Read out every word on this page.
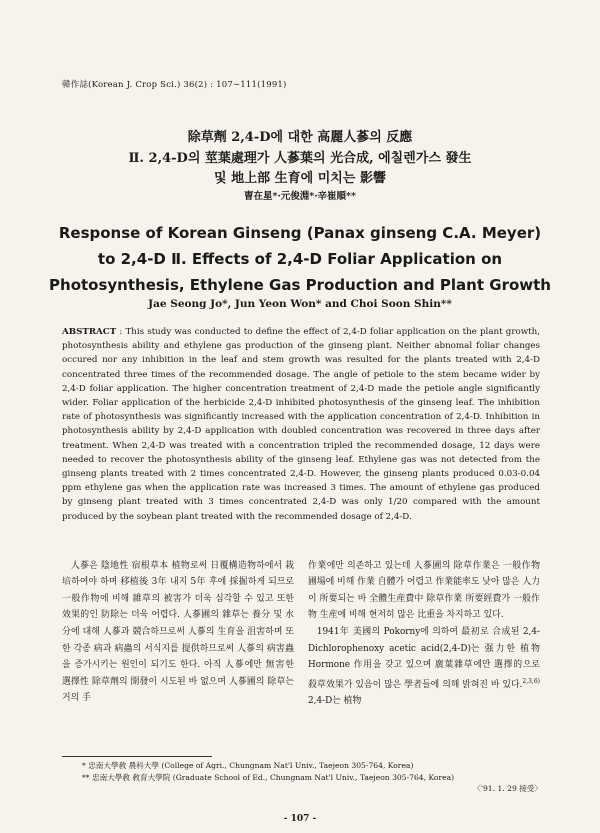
韓作誌(Korean J. Crop Sci.) 36(2) : 107∼111(1991)
除草劑 2,4-D에 대한 高麗人蔘의 反應
Ⅱ. 2,4-D의 莖葉處理가 人蔘葉의 光合成, 에칠렌가스 發生
및 地上部 生育에 미치는 影響
曺在星*·元俊淵*·辛崔順**
Response of Korean Ginseng (Panax ginseng C.A. Meyer)
to 2,4-D Ⅱ. Effects of 2,4-D Foliar Application on
Photosynthesis, Ethylene Gas Production and Plant Growth
Jae Seong Jo*, Jun Yeon Won* and Choi Soon Shin**
ABSTRACT : This study was conducted to define the effect of 2,4-D foliar application on the plant growth, photosynthesis ability and ethylene gas production of the ginseng plant. Neither abnomal foliar changes occured nor any inhibition in the leaf and stem growth was resulted for the plants treated with 2,4-D concentrated three times of the recommended dosage. The angle of petiole to the stem became wider by 2,4-D foliar application. The higher concentration treatment of 2,4-D made the petiole angle significantly wider. Foliar application of the herbicide 2,4-D inhibited photosynthesis of the ginseng leaf. The inhibition rate of photosynthesis was significantly increased with the application concentration of 2,4-D. Inhibition in photosynthesis ability by 2,4-D application with doubled concentration was recovered in three days after treatment. When 2,4-D was treated with a concentration tripled the recommended dosage, 12 days were needed to recover the photosynthesis ability of the ginseng leaf. Ethylene gas was not detected from the ginseng plants treated with 2 times concentrated 2,4-D. However, the ginseng plants produced 0.03-0.04 ppm ethylene gas when the application rate was increased 3 times. The amount of ethylene gas produced by ginseng plant treated with 3 times concentrated 2,4-D was only 1/20 compared with the amount produced by the soybean plant treated with the recommended dosage of 2,4-D.

人蔘은 陰地性 宿根草本 植物로써 日覆構造物하에서 栽培하여야 하며 移植後 3年 내지 5年 후에 採掘하게 되므로 一般作物에 비해 雜草의 被害가 더욱 심각할 수 있고 또한 效果的인 防除는 더욱 어렵다. 人蔘圃의 雜草는 養分 및 水分에 대해 人蔘과 競合하므로써 人蔘의 生育을 沮害하며 또한 각종 病과 病蟲의 서식지를 提供하므로써 人蔘의 病害蟲을 증가시키는 원인이 되기도 한다. 아직 人蔘에만 無害한 選擇性 除草劑의 開發이 시도된 바 없으며 人蔘圃의 除草는 거의 手

作業에만 의존하고 있는데 人蔘圃의 除草作業은 一般作物圃場에 비해 作業 自體가 어렵고 作業能率도 낮아 많은 人力이 所要되는 바 全體生産費中 除草作業 所要經費가 一般作物 生産에 비해 현저히 많은 比重을 차지하고 있다.

1941年 美國의 Pokorny에 의하여 最初로 合成된 2,4-Dichlorophenoxy acetic acid(2,4-D)는 强力한 植物 Hormone 作用을 갖고 있으며 廣葉雜草에만 選擇的으로 殺草效果가 있음이 많은 學者들에 의해 밝혀진 바 있다.$^{2,3,6)}$ 2,4-D는 植物

* 忠南大學敎 農科大學 (College of Agri., Chungnam Nat'l Univ., Taejeon 305-764, Korea)
** 忠南大學敎 敎育大學院 (Graduate School of Ed., Chungnam Nat'l Univ., Taejeon 305-764, Korea)
〈'91. 1. 29 接受〉
- 107 -
